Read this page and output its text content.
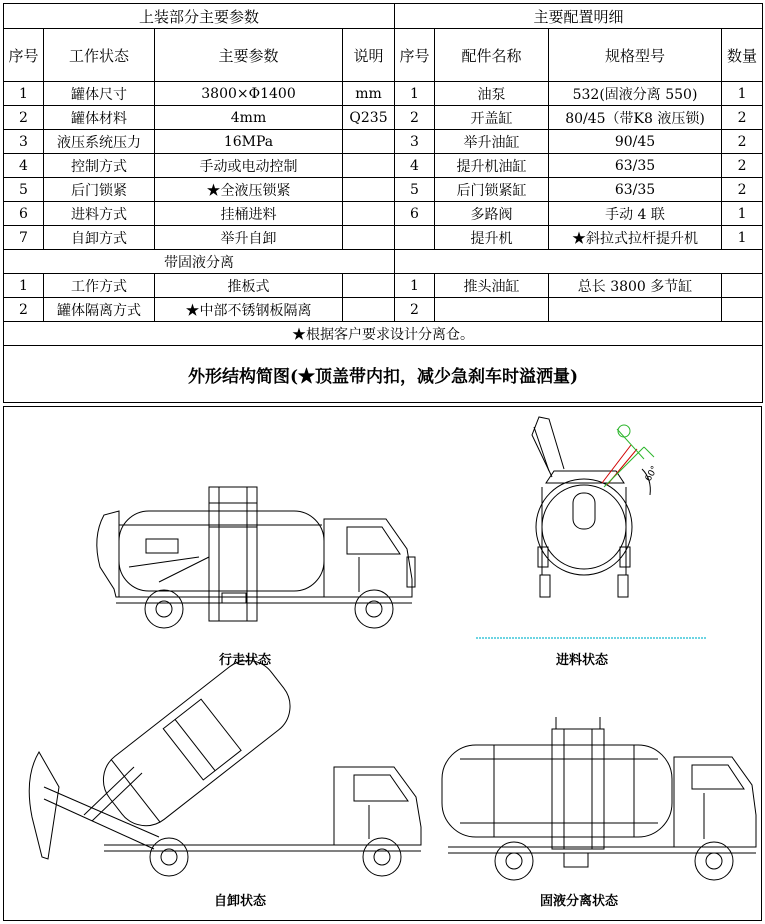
上装部分主要参数				主要配置明细			
序号	工作状态	主要参数	说明	序号	配件名称	规格型号	数量
1	罐体尺寸	3800×Φ1400	mm	1	油泵	532(固液分离 550)	1
2	罐体材料	4mm	Q235	2	开盖缸	80/45（带K8 液压锁)	2
3	液压系统压力	16MPa		3	举升油缸	90/45	2
4	控制方式	手动或电动控制		4	提升机油缸	63/35	2
5	后门锁紧	★全液压锁紧		5	后门锁紧缸	63/35	2
6	进料方式	挂桶进料		6	多路阀	手动 4 联	1
7	自卸方式	举升自卸			提升机	★斜拉式拉杆提升机	1
带固液分离							
1	工作方式	推板式		1	推头油缸	总长 3800 多节缸	
2	罐体隔离方式	★中部不锈钢板隔离		2			
★根据客户要求设计分离仓。							
外形结构简图(★顶盖带内扣，减少急刹车时溢洒量)							
行走状态	进料状态
自卸状态	固液分离状态
60°
